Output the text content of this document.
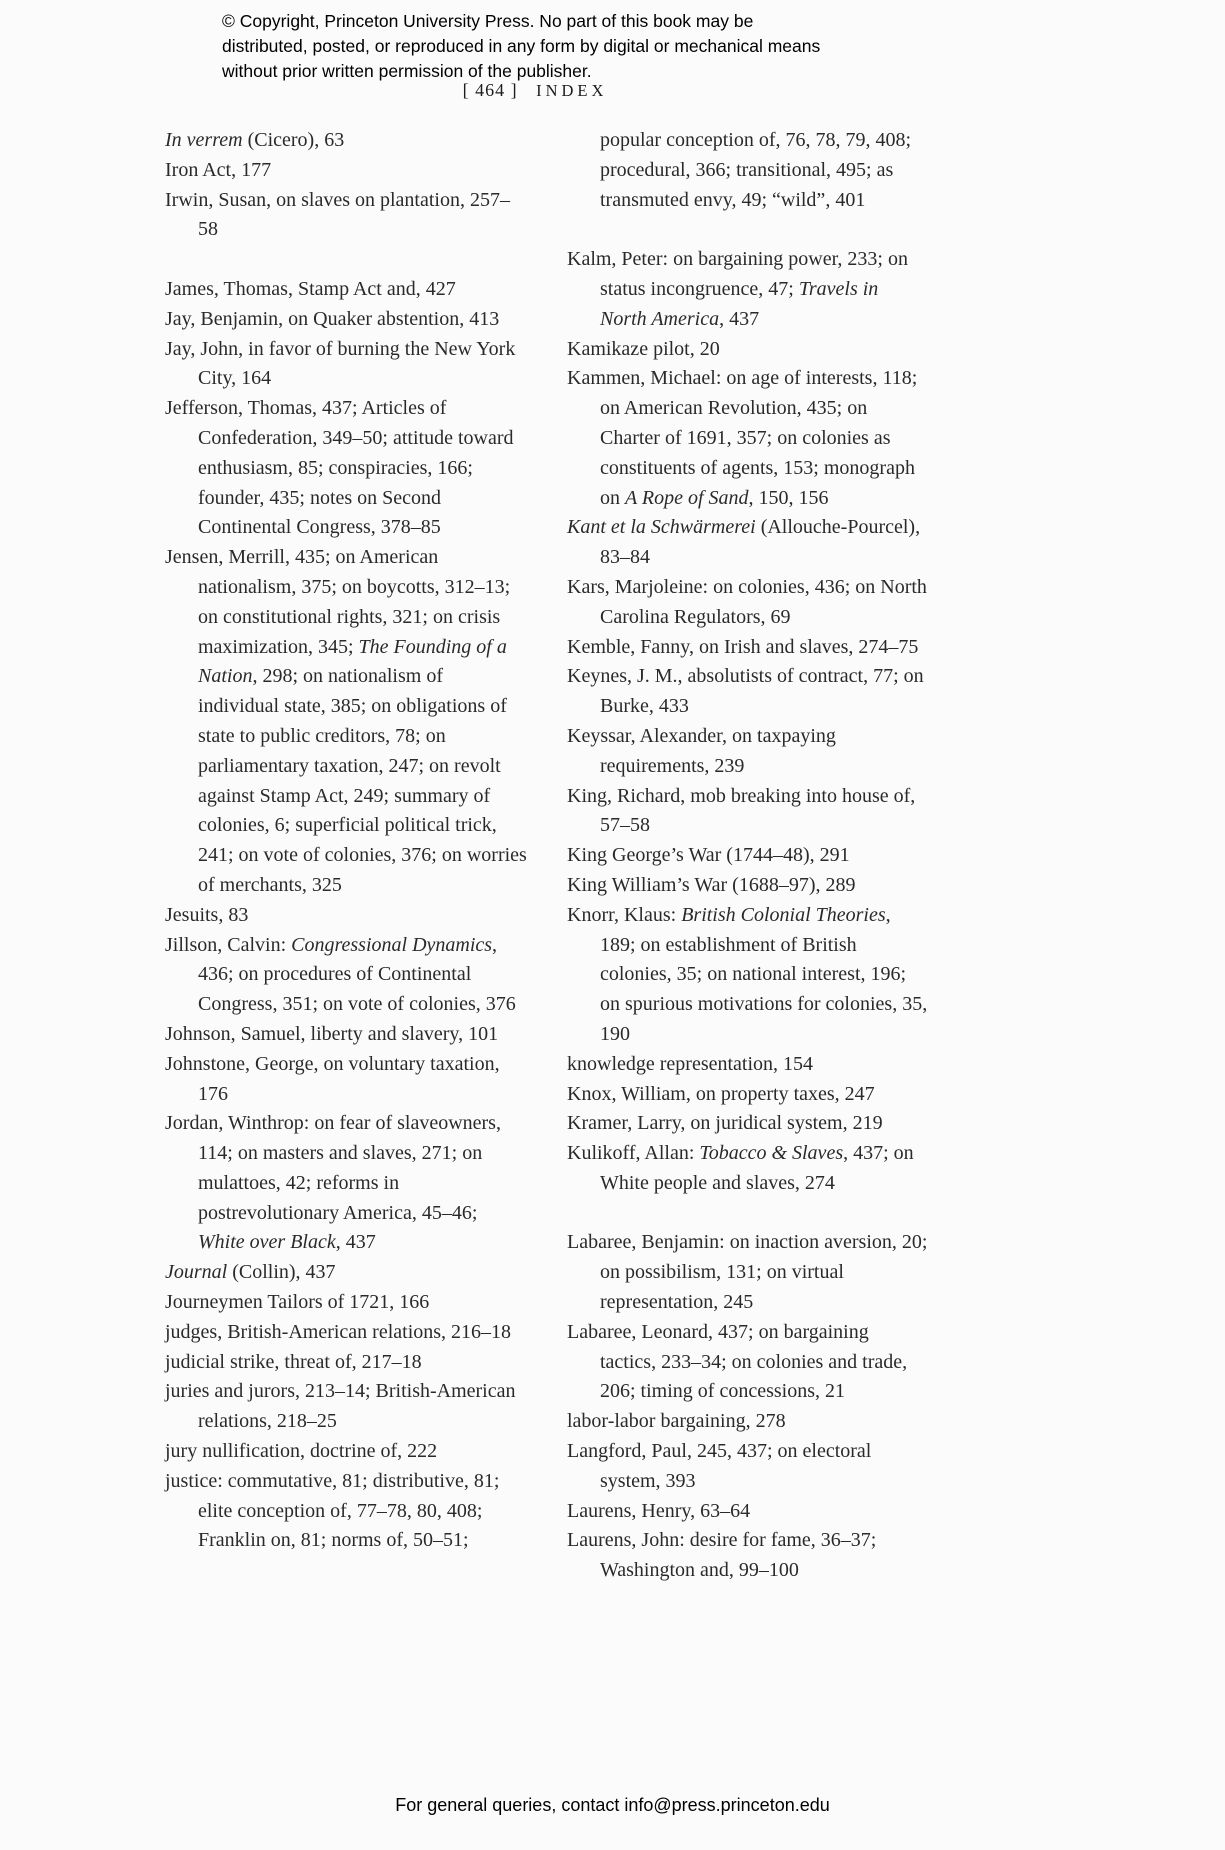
© Copyright, Princeton University Press. No part of this book may be distributed, posted, or reproduced in any form by digital or mechanical means without prior written permission of the publisher.
[ 464 ] INDEX

In verrem (Cicero), 63

Iron Act, 177

Irwin, Susan, on slaves on plantation, 257–58

James, Thomas, Stamp Act and, 427

Jay, Benjamin, on Quaker abstention, 413

Jay, John, in favor of burning the New York City, 164

Jefferson, Thomas, 437; Articles of Confederation, 349–50; attitude toward enthusiasm, 85; conspiracies, 166; founder, 435; notes on Second Continental Congress, 378–85

Jensen, Merrill, 435; on American nationalism, 375; on boycotts, 312–13; on constitutional rights, 321; on crisis maximization, 345; The Founding of a Nation, 298; on nationalism of individual state, 385; on obligations of state to public creditors, 78; on parliamentary taxation, 247; on revolt against Stamp Act, 249; summary of colonies, 6; superficial political trick, 241; on vote of colonies, 376; on worries of merchants, 325

Jesuits, 83

Jillson, Calvin: Congressional Dynamics, 436; on procedures of Continental Congress, 351; on vote of colonies, 376

Johnson, Samuel, liberty and slavery, 101

Johnstone, George, on voluntary taxation, 176

Jordan, Winthrop: on fear of slaveowners, 114; on masters and slaves, 271; on mulattoes, 42; reforms in postrevolutionary America, 45–46; White over Black, 437

Journal (Collin), 437

Journeymen Tailors of 1721, 166

judges, British-American relations, 216–18

judicial strike, threat of, 217–18

juries and jurors, 213–14; British-American relations, 218–25

jury nullification, doctrine of, 222

justice: commutative, 81; distributive, 81; elite conception of, 77–78, 80, 408; Franklin on, 81; norms of, 50–51;

popular conception of, 76, 78, 79, 408; procedural, 366; transitional, 495; as transmuted envy, 49; “wild”, 401

Kalm, Peter: on bargaining power, 233; on status incongruence, 47; Travels in North America, 437

Kamikaze pilot, 20

Kammen, Michael: on age of interests, 118; on American Revolution, 435; on Charter of 1691, 357; on colonies as constituents of agents, 153; monograph on A Rope of Sand, 150, 156

Kant et la Schwärmerei (Allouche-Pourcel), 83–84

Kars, Marjoleine: on colonies, 436; on North Carolina Regulators, 69

Kemble, Fanny, on Irish and slaves, 274–75

Keynes, J. M., absolutists of contract, 77; on Burke, 433

Keyssar, Alexander, on taxpaying requirements, 239

King, Richard, mob breaking into house of, 57–58

King George’s War (1744–48), 291

King William’s War (1688–97), 289

Knorr, Klaus: British Colonial Theories, 189; on establishment of British colonies, 35; on national interest, 196; on spurious motivations for colonies, 35, 190

knowledge representation, 154

Knox, William, on property taxes, 247

Kramer, Larry, on juridical system, 219

Kulikoff, Allan: Tobacco & Slaves, 437; on White people and slaves, 274

Labaree, Benjamin: on inaction aversion, 20; on possibilism, 131; on virtual representation, 245

Labaree, Leonard, 437; on bargaining tactics, 233–34; on colonies and trade, 206; timing of concessions, 21

labor-labor bargaining, 278

Langford, Paul, 245, 437; on electoral system, 393

Laurens, Henry, 63–64

Laurens, John: desire for fame, 36–37; Washington and, 99–100

For general queries, contact info@press.princeton.edu
